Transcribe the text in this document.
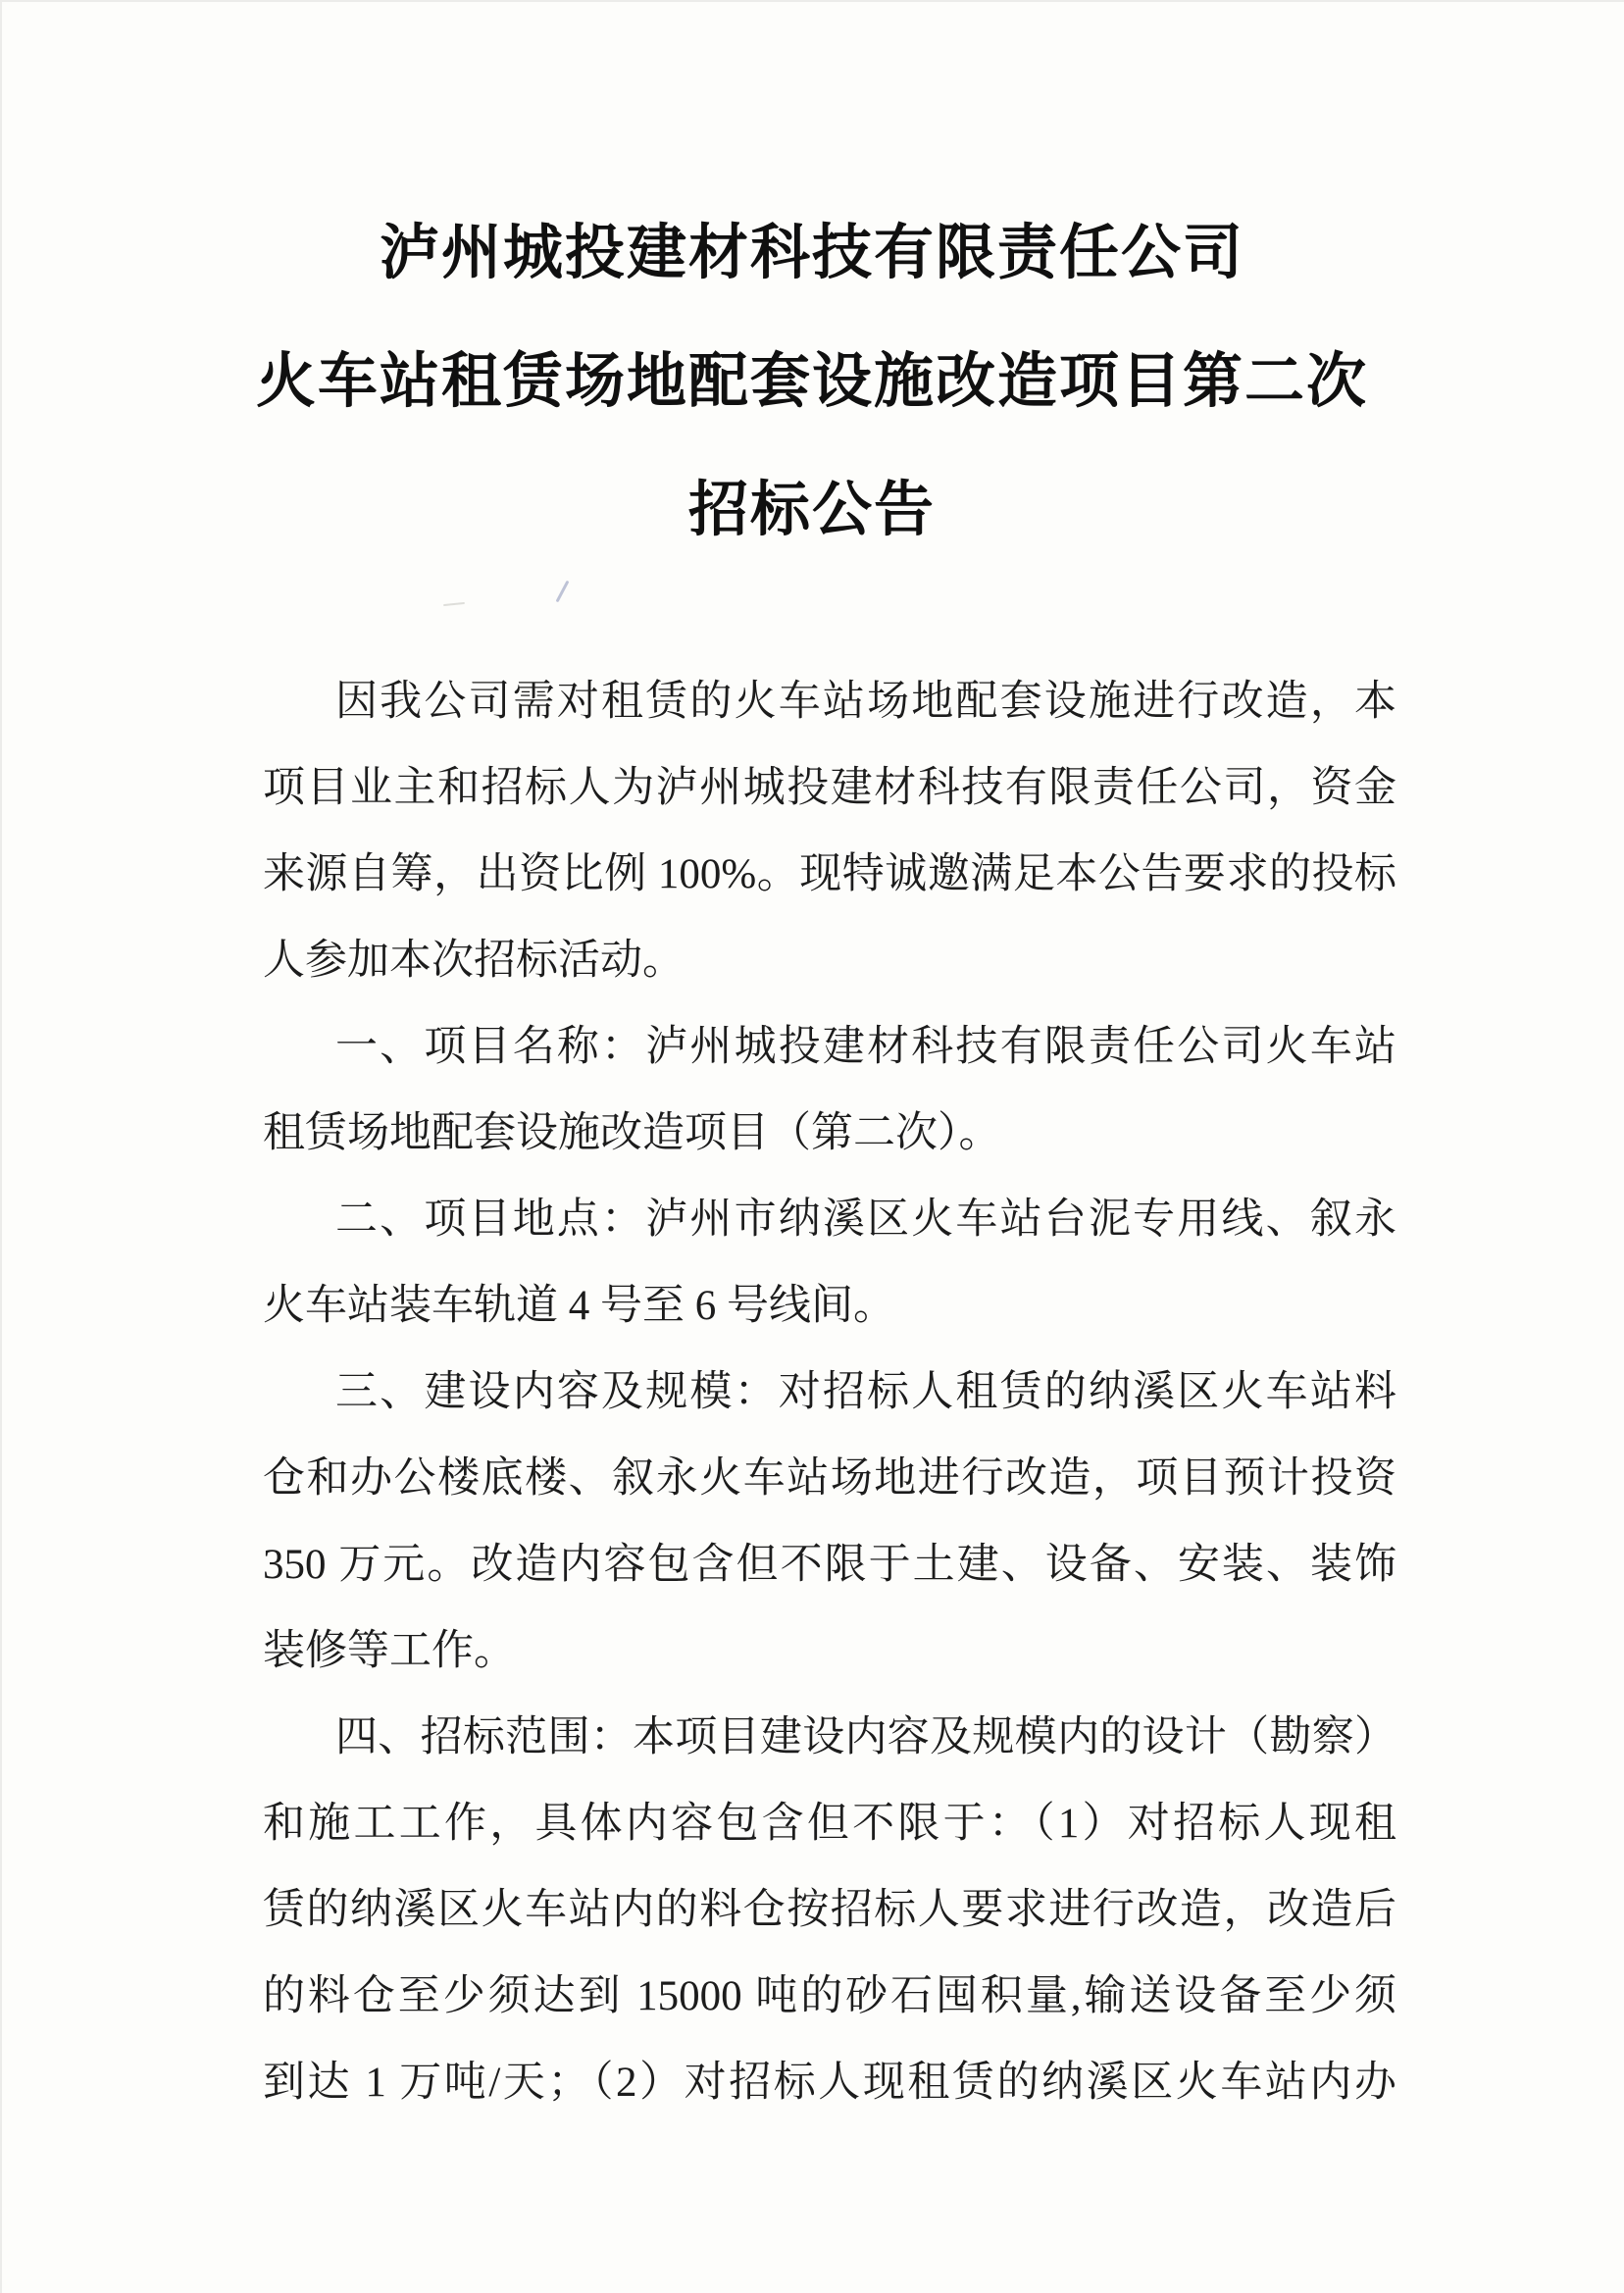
泸州城投建材科技有限责任公司
火车站租赁场地配套设施改造项目第二次
招标公告
因我公司需对租赁的火车站场地配套设施进行改造，本
项目业主和招标人为泸州城投建材科技有限责任公司，资金
来源自筹，出资比例 100%。现特诚邀满足本公告要求的投标
人参加本次招标活动。
一、项目名称：泸州城投建材科技有限责任公司火车站
租赁场地配套设施改造项目（第二次）。
二、项目地点：泸州市纳溪区火车站台泥专用线、叙永
火车站装车轨道 4 号至 6 号线间。
三、建设内容及规模：对招标人租赁的纳溪区火车站料
仓和办公楼底楼、叙永火车站场地进行改造，项目预计投资
350 万元。改造内容包含但不限于土建、设备、安装、装饰
装修等工作。
四、招标范围：本项目建设内容及规模内的设计（勘察）
和施工工作，具体内容包含但不限于：（1）对招标人现租
赁的纳溪区火车站内的料仓按招标人要求进行改造，改造后
的料仓至少须达到 15000 吨的砂石囤积量,输送设备至少须
到达 1 万吨/天；（2）对招标人现租赁的纳溪区火车站内办
